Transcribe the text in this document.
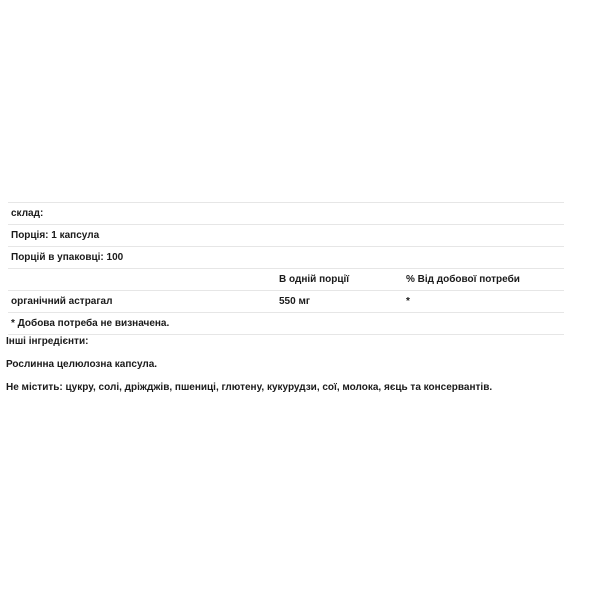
склад:		
Порція: 1 капсула		
Порцій в упаковці: 100		
	В одній порції	% Від добової потреби
органічний астрагал	550 мг	*
* Добова потреба не визначена.		

Інші інгредієнти:

Рослинна целюлозна капсула.

Не містить: цукру, солі, дріжджів, пшениці, глютену, кукурудзи, сої, молока, яєць та консервантів.
